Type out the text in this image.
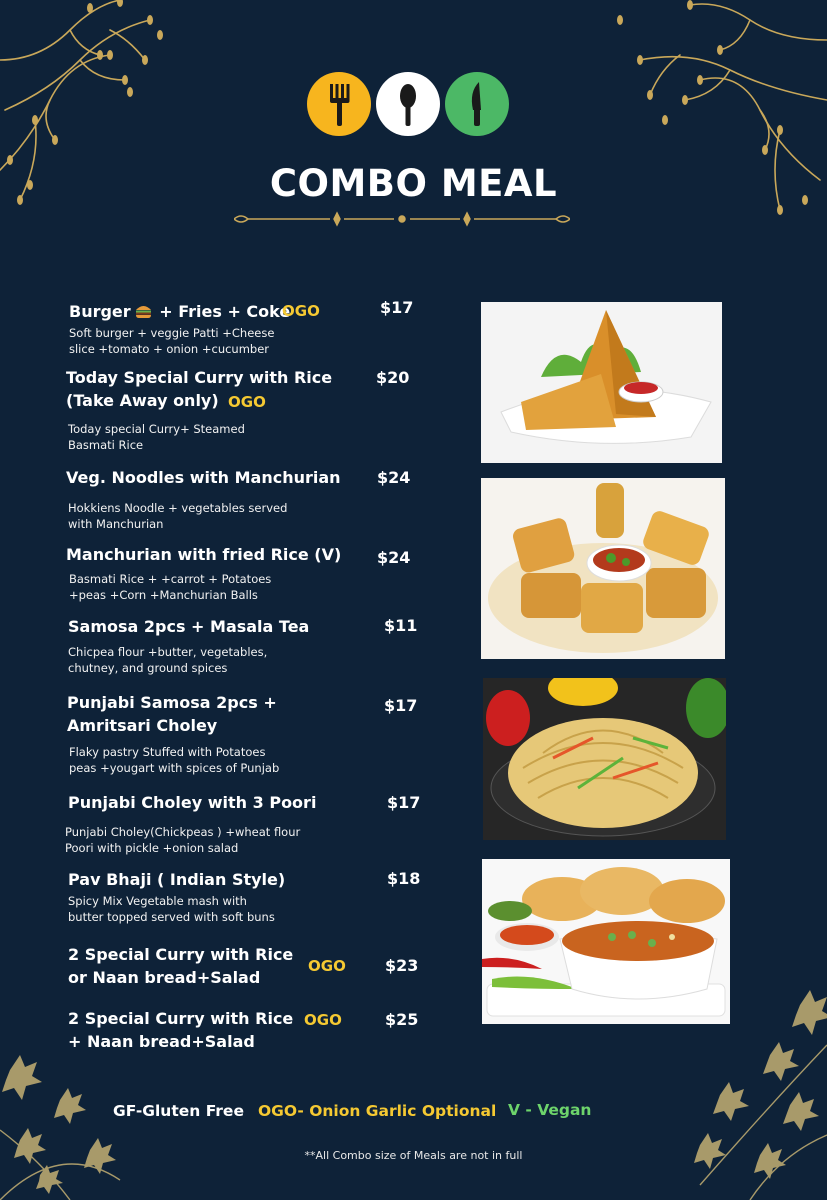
COMBO MEAL
Burger + Fries + Coke
OGO	$17
Soft burger + veggie Patti +Cheese
slice +tomato + onion +cucumber
Today Special Curry with Rice
(Take Away only) OGO
$20
Today special Curry+ Steamed
Basmati Rice
Veg. Noodles with Manchurian $24
Hokkiens Noodle + vegetables served
with Manchurian
Manchurian with fried Rice (V) $24
Basmati Rice + +carrot + Potatoes
+peas +Corn +Manchurian Balls
Samosa 2pcs + Masala Tea	$11
Chicpea flour +butter, vegetables,
chutney, and ground spices
Punjabi Samosa 2pcs +
Amritsari Choley
$17
Flaky pastry Stuffed with Potatoes
peas +yougart with spices of Punjab
Punjabi Choley with 3 Poori	$17
Punjabi Choley(Chickpeas ) +wheat flour
Poori with pickle +onion salad
Pav Bhaji ( Indian Style)	$18
Spicy Mix Vegetable mash with
butter topped served with soft buns
2 Special Curry with Rice
or Naan bread+Salad
OGO $23
2 Special Curry with Rice
+ Naan bread+Salad
OGO	$25
GF-Gluten Free OGO- Onion Garlic Optional V - Vegan
**All Combo size of Meals are not in full
